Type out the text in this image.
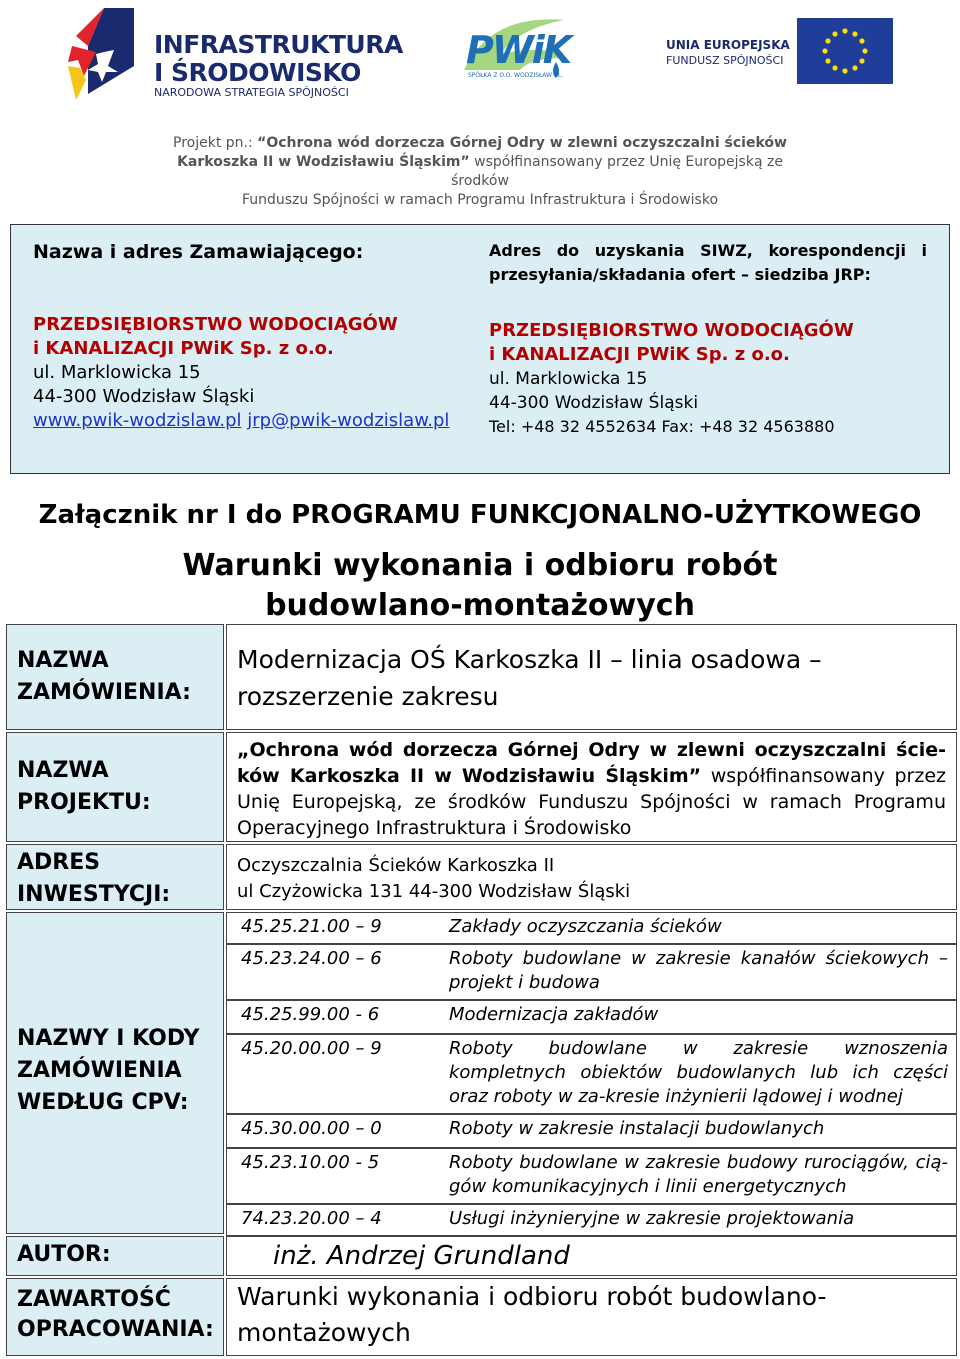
INFRASTRUKTURA
I ŚRODOWISKO
NARODOWA STRATEGIA SPÓJNOŚCI
PWiK
SPÓŁKA Z O.O. WODZISŁAW ŚL.
UNIA EUROPEJSKA
FUNDUSZ SPÓJNOŚCI
Projekt pn.: “Ochrona wód dorzecza Górnej Odry w zlewni oczyszczalni ścieków
Karkoszka II w Wodzisławiu Śląskim” współfinansowany przez Unię Europejską ze środków
Funduszu Spójności w ramach Programu Infrastruktura i Środowisko
Nazwa i adres Zamawiającego:
PRZEDSIĘBIORSTWO WODOCIĄGÓW
i KANALIZACJI PWiK Sp. z o.o.
ul. Marklowicka 15
44-300 Wodzisław Śląski
www.pwik-wodzislaw.pl jrp@pwik-wodzislaw.pl
Adres do uzyskania SIWZ, korespondencji i przesyłania/składania ofert – siedziba JRP:
PRZEDSIĘBIORSTWO WODOCIĄGÓW
i KANALIZACJI PWiK Sp. z o.o.
ul. Marklowicka 15
44-300 Wodzisław Śląski
Tel: +48 32 4552634 Fax: +48 32 4563880
Załącznik nr I do PROGRAMU FUNKCJONALNO-UŻYTKOWEGO
Warunki wykonania i odbioru robót budowlano-montażowych
NAZWA
ZAMÓWIENIA:
Modernizacja OŚ Karkoszka II – linia osadowa – rozszerzenie zakresu
NAZWA
PROJEKTU:
„Ochrona wód dorzecza Górnej Odry w zlewni oczyszczalni ście-ków Karkoszka II w Wodzisławiu Śląskim” współfinansowany przez Unię Europejską, ze środków Funduszu Spójności w ramach Programu Operacyjnego Infrastruktura i Środowisko
ADRES
INWESTYCJI:
Oczyszczalnia Ścieków Karkoszka II
ul Czyżowicka 131 44-300 Wodzisław Śląski
NAZWY I KODY
ZAMÓWIENIA
WEDŁUG CPV:
45.25.21.00 – 9	Zakłady oczyszczania ścieków
45.23.24.00 – 6	Roboty budowlane w zakresie kanałów ściekowych – projekt i budowa
45.25.99.00 - 6	Modernizacja zakładów
45.20.00.00 – 9	Roboty budowlane w zakresie wznoszenia kompletnych obiektów budowlanych lub ich części oraz roboty w za-kresie inżynierii lądowej i wodnej
45.30.00.00 – 0	Roboty w zakresie instalacji budowlanych
45.23.10.00 - 5	Roboty budowlane w zakresie budowy rurociągów, cią-gów komunikacyjnych i linii energetycznych
74.23.20.00 – 4	Usługi inżynieryjne w zakresie projektowania
AUTOR:	inż. Andrzej Grundland
ZAWARTOŚĆ
OPRACOWANIA:
Warunki wykonania i odbioru robót budowlano-montażowych
